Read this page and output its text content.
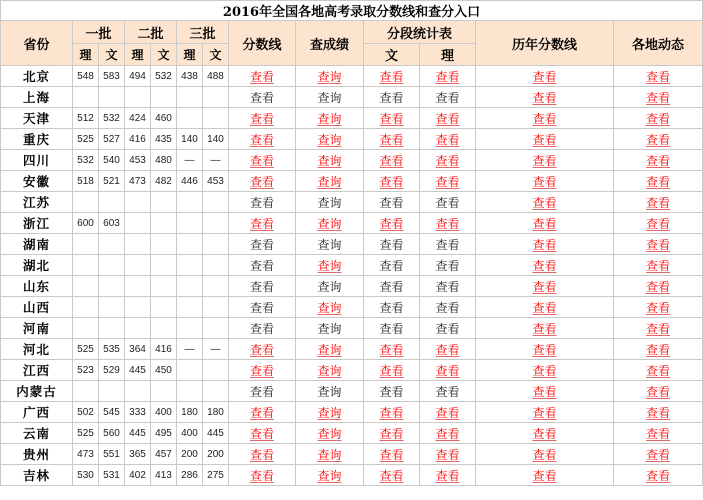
2016年全国各地高考录取分数线和查分入口												
省份	一批		二批		三批		分数线	查成绩	分段统计表		历年分数线	各地动态
	理	文	理	文	理	文			文	理		
北京	548	583	494	532	438	488	查看	查询	查看	查看	查看	查看
上海							查看	查询	查看	查看	查看	查看
天津	512	532	424	460			查看	查询	查看	查看	查看	查看
重庆	525	527	416	435	140	140	查看	查询	查看	查看	查看	查看
四川	532	540	453	480	—	—	查看	查询	查看	查看	查看	查看
安徽	518	521	473	482	446	453	查看	查询	查看	查看	查看	查看
江苏							查看	查询	查看	查看	查看	查看
浙江	600	603					查看	查询	查看	查看	查看	查看
湖南							查看	查询	查看	查看	查看	查看
湖北							查看	查询	查看	查看	查看	查看
山东							查看	查询	查看	查看	查看	查看
山西							查看	查询	查看	查看	查看	查看
河南							查看	查询	查看	查看	查看	查看
河北	525	535	364	416	—	—	查看	查询	查看	查看	查看	查看
江西	523	529	445	450			查看	查询	查看	查看	查看	查看
内蒙古							查看	查询	查看	查看	查看	查看
广西	502	545	333	400	180	180	查看	查询	查看	查看	查看	查看
云南	525	560	445	495	400	445	查看	查询	查看	查看	查看	查看
贵州	473	551	365	457	200	200	查看	查询	查看	查看	查看	查看
吉林	530	531	402	413	286	275	查看	查询	查看	查看	查看	查看
